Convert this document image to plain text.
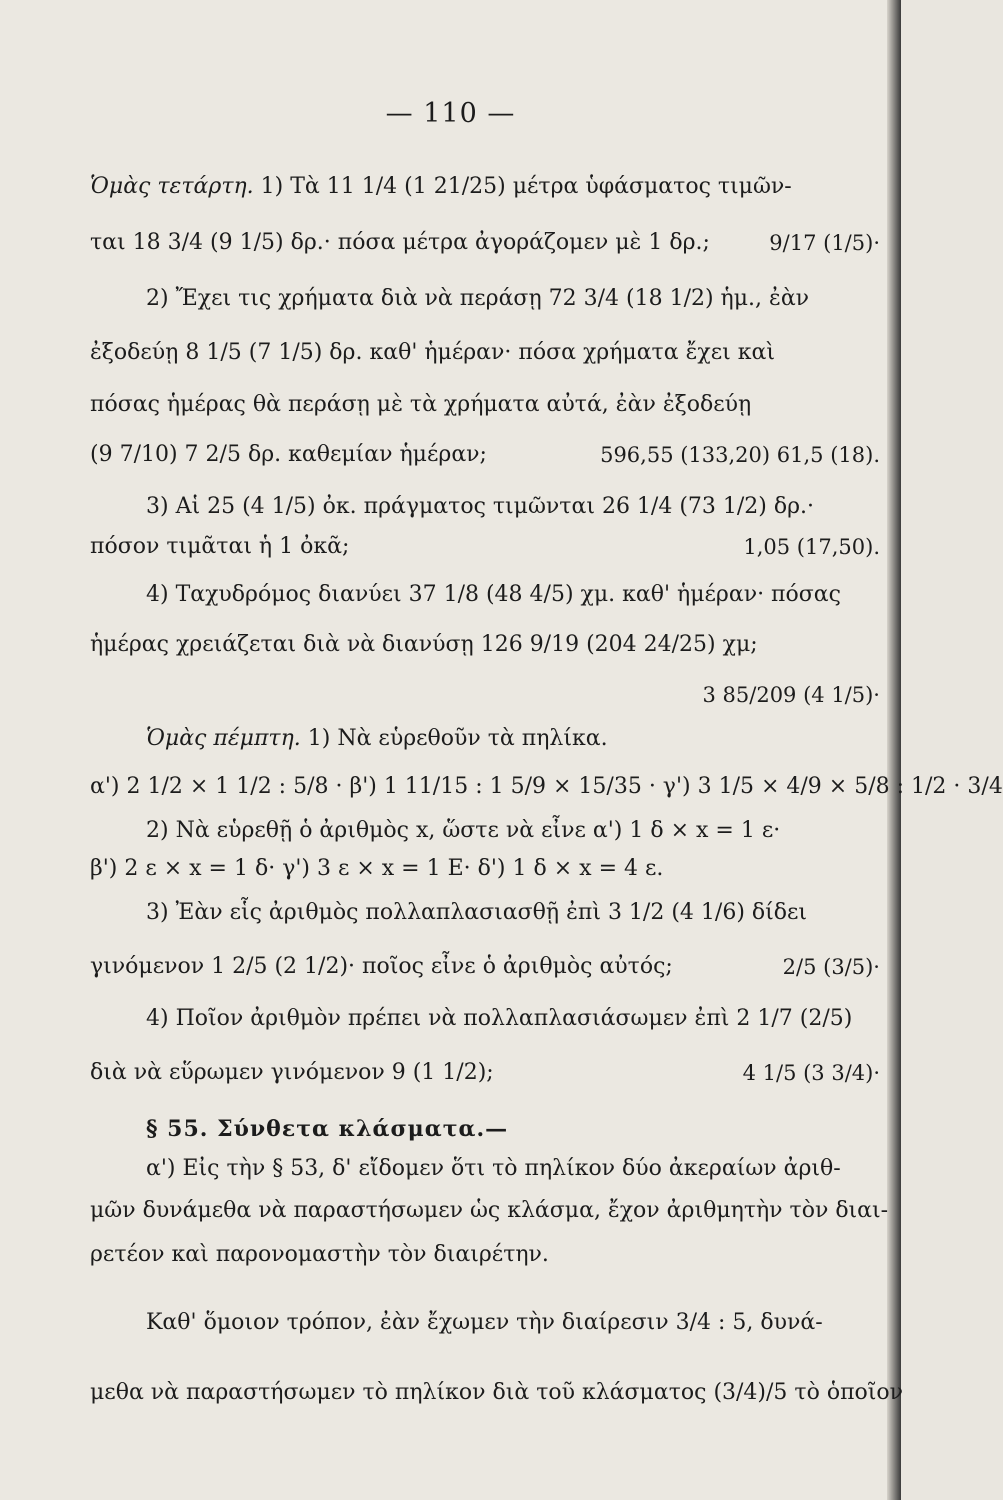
— 110 —
Ὁμὰς τετάρτη. 1) Τὰ 11 1/4 (1 21/25) μέτρα ὑφάσματος τιμῶν-
ται 18 3/4 (9 1/5) δρ.· πόσα μέτρα ἀγοράζομεν μὲ 1 δρ.;	9/17 (1/5)·
2) Ἔχει τις χρήματα διὰ νὰ περάσῃ 72 3/4 (18 1/2) ἡμ., ἐὰν
ἐξοδεύῃ 8 1/5 (7 1/5) δρ. καθ' ἡμέραν· πόσα χρήματα ἔχει καὶ
πόσας ἡμέρας θὰ περάσῃ μὲ τὰ χρήματα αὐτά, ἐὰν ἐξοδεύῃ
(9 7/10) 7 2/5 δρ. καθεμίαν ἡμέραν;	596,55 (133,20) 61,5 (18).
3) Αἱ 25 (4 1/5) ὀκ. πράγματος τιμῶνται 26 1/4 (73 1/2) δρ.·
πόσον τιμᾶται ἡ 1 ὀκᾶ;	1,05 (17,50).
4) Ταχυδρόμος διανύει 37 1/8 (48 4/5) χμ. καθ' ἡμέραν· πόσας
ἡμέρας χρειάζεται διὰ νὰ διανύσῃ 126 9/19 (204 24/25) χμ;
3 85/209 (4 1/5)·
Ὁμὰς πέμπτη. 1) Νὰ εὑρεθοῦν τὰ πηλίκα.
α') 2 1/2 × 1 1/2 : 5/8 · β') 1 11/15 : 1 5/9 × 15/35 · γ') 3 1/5 × 4/9 × 5/8 : 1/2 · 3/4
2) Νὰ εὑρεθῇ ὁ ἀριθμὸς x, ὥστε νὰ εἶνε α') 1 δ × x = 1 ε·
β') 2 ε × x = 1 δ· γ') 3 ε × x = 1 Ε· δ') 1 δ × x = 4 ε.
3) Ἐὰν εἷς ἀριθμὸς πολλαπλασιασθῇ ἐπὶ 3 1/2 (4 1/6) δίδει
γινόμενον 1 2/5 (2 1/2)· ποῖος εἶνε ὁ ἀριθμὸς αὐτός;	2/5 (3/5)·
4) Ποῖον ἀριθμὸν πρέπει νὰ πολλαπλασιάσωμεν ἐπὶ 2 1/7 (2/5)
διὰ νὰ εὕρωμεν γινόμενον 9 (1 1/2);	4 1/5 (3 3/4)·
§ 55. Σύνθετα κλάσματα.—
α') Εἰς τὴν § 53, δ' εἴδομεν ὅτι τὸ πηλίκον δύο ἀκεραίων ἀριθ-
μῶν δυνάμεθα νὰ παραστήσωμεν ὡς κλάσμα, ἔχον ἀριθμητὴν τὸν διαι-
ρετέον καὶ παρονομαστὴν τὸν διαιρέτην.
Καθ' ὅμοιον τρόπον, ἐὰν ἔχωμεν τὴν διαίρεσιν 3/4 : 5, δυνά-
μεθα νὰ παραστήσωμεν τὸ πηλίκον διὰ τοῦ κλάσματος (3/4)/5 τὸ ὁποῖον
